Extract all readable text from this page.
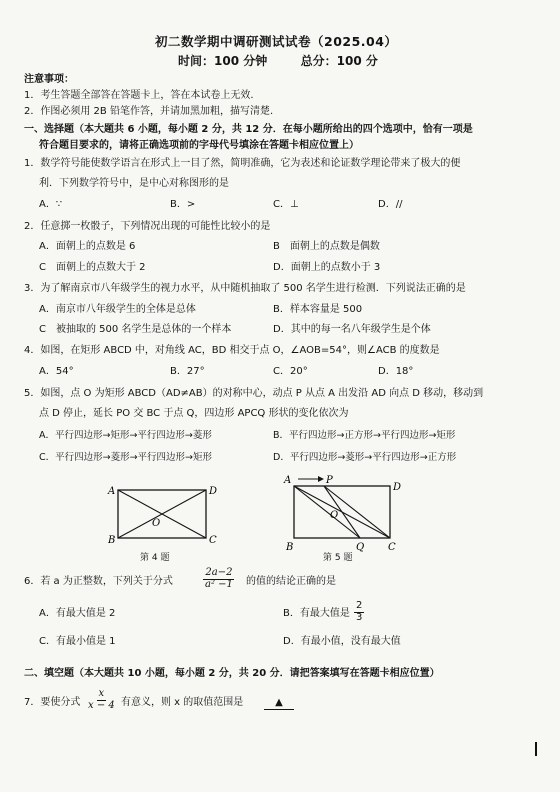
初二数学期中调研测试试卷（2025.04）
时间：100 分钟        总分：100 分
注意事项：
1．考生答题全部答在答题卡上，答在本试卷上无效.
2．作图必须用 2B 铅笔作答，并请加黑加粗，描写清楚.
一、选择题（本大题共 6 小题，每小题 2 分，共 12 分．在每小题所给出的四个选项中，恰有一项是
符合题目要求的，请将正确选项前的字母代号填涂在答题卡相应位置上）
1．数学符号能使数学语言在形式上一目了然，简明准确，它为表述和论证数学理论带来了极大的便
利．下列数学符号中，是中心对称图形的是
A．∵	B．>	C．⊥	D．//
2．任意掷一枚骰子，下列情况出现的可能性比较小的是
A．面朝上的点数是 6	B　面朝上的点数是偶数
C　面朝上的点数大于 2	D．面朝上的点数小于 3
3．为了解南京市八年级学生的视力水平，从中随机抽取了 500 名学生进行检测．下列说法正确的是
A．南京市八年级学生的全体是总体	B．样本容量是 500
C　被抽取的 500 名学生是总体的一个样本	D．其中的每一名八年级学生是个体
4．如图，在矩形 ABCD 中，对角线 AC，BD 相交于点 O，∠AOB=54°，则∠ACB 的度数是
A．54°	B．27°	C．20°	D．18°
5．如图，点 O 为矩形 ABCD（AD≠AB）的对称中心，动点 P 从点 A 出发沿 AD 向点 D 移动，移动到
点 D 停止，延长 PO 交 BC 于点 Q，四边形 APCQ 形状的变化依次为
A．平行四边形→矩形→平行四边形→菱形	B．平行四边形→正方形→平行四边形→矩形
C．平行四边形→菱形→平行四边形→矩形	D．平行四边形→菱形→平行四边形→正方形
A	D
B	C
O
第 4 题
A	P
D
B	Q C
O
第 5 题
6．若 a 为正整数，下列关于分式	$\frac{2a-2}{\text{a² −1}}$ 的值的结论正确的是
A．有最大值是 2	B．有最大值是 $\frac{2}{3}$
C．有最小值是 1	D．有最小值，没有最大值
二、填空题（本大题共 10 小题，每小题 2 分，共 20 分．请把答案填写在答题卡相应位置）
7．要使分式 $\frac{x}{x - 4}$ 有意义，则 x 的取值范围是	▲
